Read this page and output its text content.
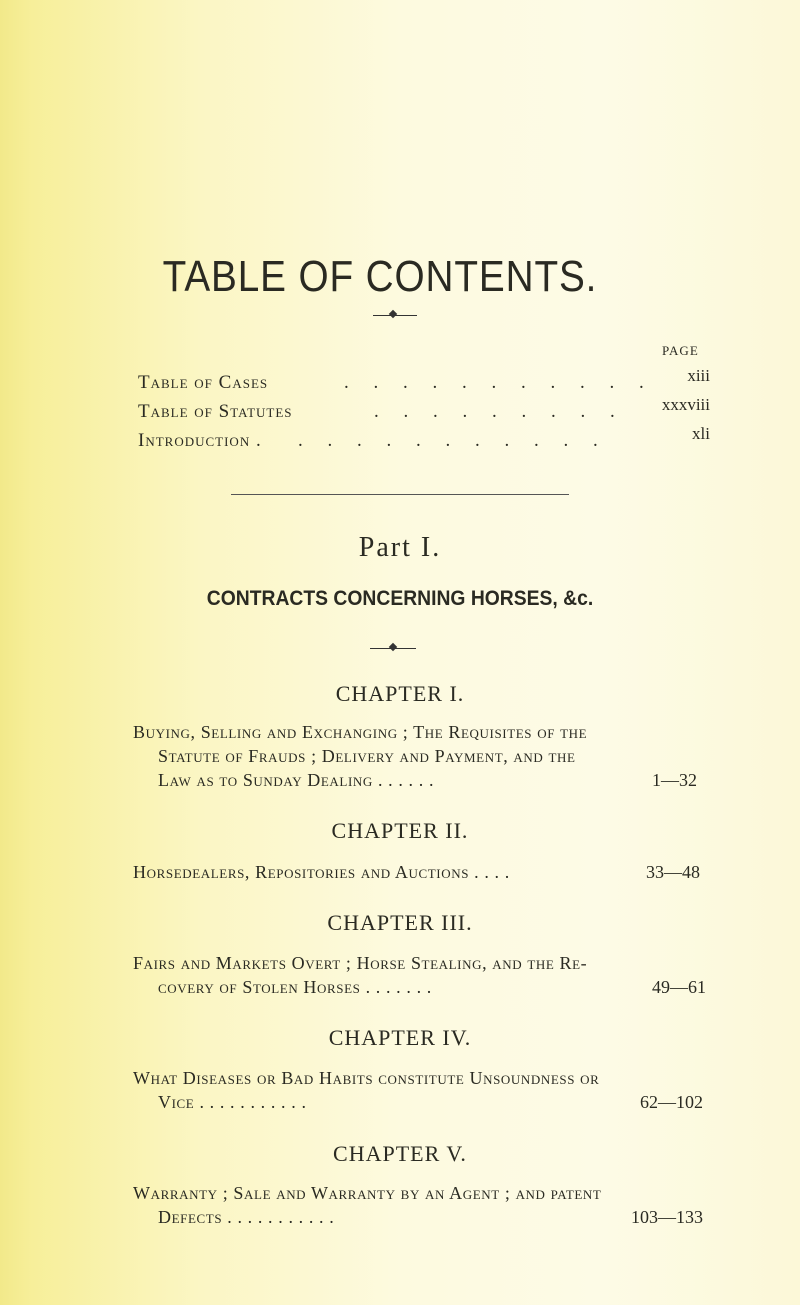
TABLE OF CONTENTS.
PAGE
Table of Cases	. . . . . . . . . . . xiii
Table of Statutes	. . . . . . . . . xxxviii
Introduction . . . . . . . . . . . .	xli
Part I.
CONTRACTS CONCERNING HORSES, &c.
CHAPTER I.
Buying, Selling and Exchanging ; The Requisites of the
Statute of Frauds ; Delivery and Payment, and the
Law as to Sunday Dealing . . . . . .	1—32
CHAPTER II.
Horsedealers, Repositories and Auctions . . . .	33—48
CHAPTER III.
Fairs and Markets Overt ; Horse Stealing, and the Re-
covery of Stolen Horses . . . . . . .	49—61
CHAPTER IV.
What Diseases or Bad Habits constitute Unsoundness or
Vice . . . . . . . . . . .	62—102
CHAPTER V.
Warranty ; Sale and Warranty by an Agent ; and patent
Defects . . . . . . . . . . .	103—133
